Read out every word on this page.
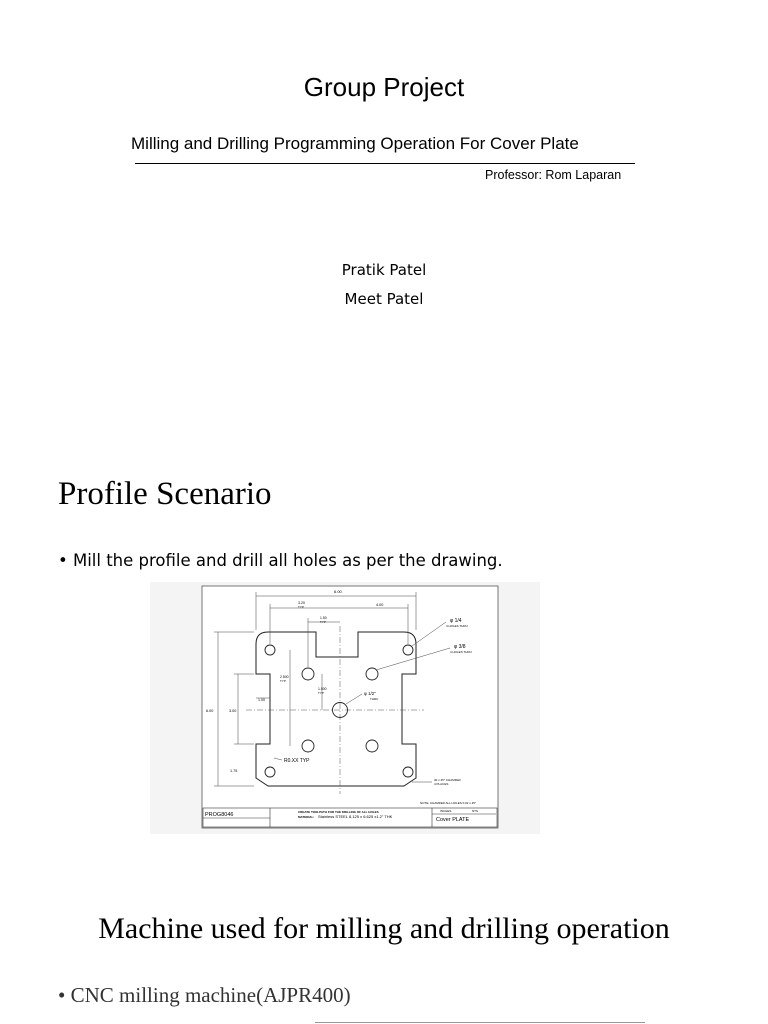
Group Project
Milling and Drilling Programming Operation For Cover Plate
Professor: Rom Laparan
Pratik Patel
Meet Patel
Profile Scenario
• Mill the profile and drill all holes as per the drawing.
6.00
3.20
TYP	4.00
1.50
TYP
6.00	3.00
1.75
2.500
TYP
1.00
1.500
TYP
φ 1/4
4 HOLES THRU
φ 3/8
4 HOLES THRU
φ 1/2"
THRU
R0.XX TYP
30 x 45° CHAMFER
4 PLACES
NOTE: CHAMFER ALL HOLES 0.02 x 45°
PROG8046	CREATE TOOLPATH FOR THE DRILLING OF ALL HOLES
MATERIAL: Stainless STEEL 8.125 x 6.625 x1.2" THK
INCHES	NTS
Cover PLATE
Machine used for milling and drilling operation
• CNC milling machine(AJPR400)
